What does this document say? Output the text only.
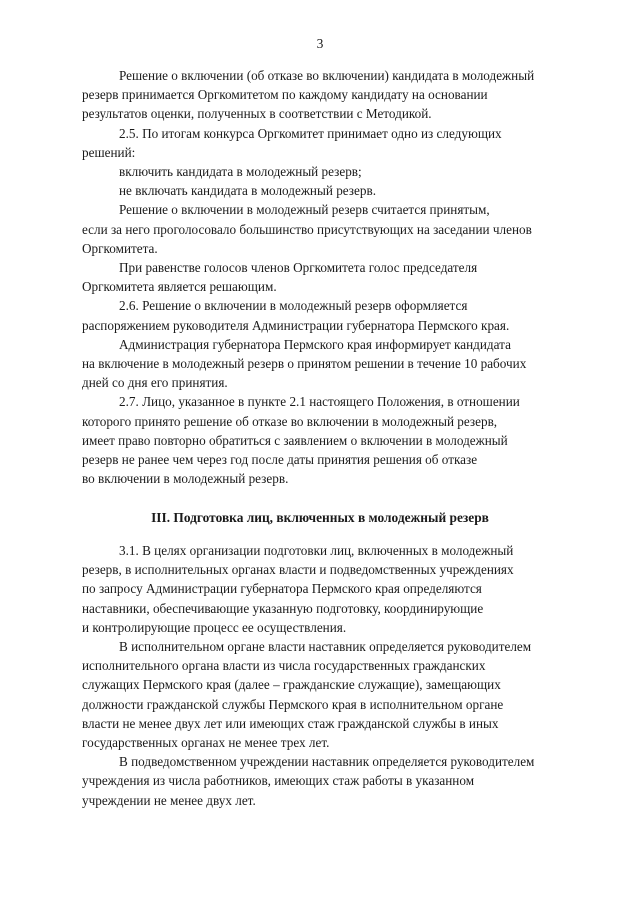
3

Решение о включении (об отказе во включении) кандидата в молодежный
резерв принимается Оргкомитетом по каждому кандидату на основании
результатов оценки, полученных в соответствии с Методикой.

2.5. По итогам конкурса Оргкомитет принимает одно из следующих
решений:

включить кандидата в молодежный резерв;

не включать кандидата в молодежный резерв.

Решение о включении в молодежный резерв считается принятым,
если за него проголосовало большинство присутствующих на заседании членов
Оргкомитета.

При равенстве голосов членов Оргкомитета голос председателя
Оргкомитета является решающим.

2.6. Решение о включении в молодежный резерв оформляется
распоряжением руководителя Администрации губернатора Пермского края.

Администрация губернатора Пермского края информирует кандидата
на включение в молодежный резерв о принятом решении в течение 10 рабочих
дней со дня его принятия.

2.7. Лицо, указанное в пункте 2.1 настоящего Положения, в отношении
которого принято решение об отказе во включении в молодежный резерв,
имеет право повторно обратиться с заявлением о включении в молодежный
резерв не ранее чем через год после даты принятия решения об отказе
во включении в молодежный резерв.

III. Подготовка лиц, включенных в молодежный резерв

3.1. В целях организации подготовки лиц, включенных в молодежный
резерв, в исполнительных органах власти и подведомственных учреждениях
по запросу Администрации губернатора Пермского края определяются
наставники, обеспечивающие указанную подготовку, координирующие
и контролирующие процесс ее осуществления.

В исполнительном органе власти наставник определяется руководителем
исполнительного органа власти из числа государственных гражданских
служащих Пермского края (далее – гражданские служащие), замещающих
должности гражданской службы Пермского края в исполнительном органе
власти не менее двух лет или имеющих стаж гражданской службы в иных
государственных органах не менее трех лет.

В подведомственном учреждении наставник определяется руководителем
учреждения из числа работников, имеющих стаж работы в указанном
учреждении не менее двух лет.
